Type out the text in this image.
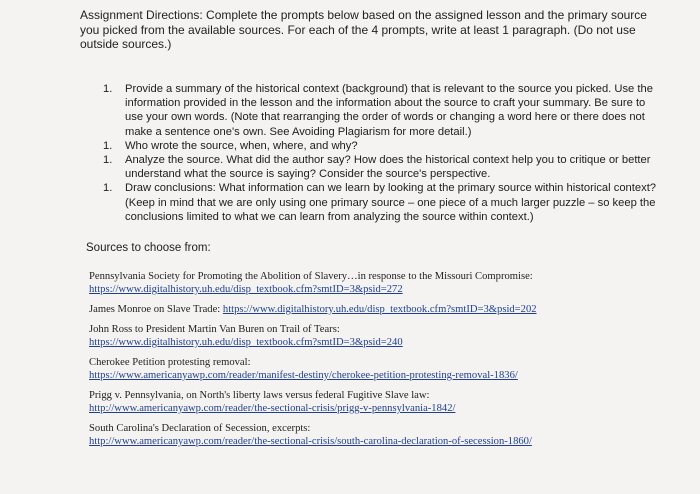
Assignment Directions: Complete the prompts below based on the assigned lesson and the primary source you picked from the available sources. For each of the 4 prompts, write at least 1 paragraph. (Do not use outside sources.)
1.	Provide a summary of the historical context (background) that is relevant to the source you picked. Use the information provided in the lesson and the information about the source to craft your summary. Be sure to use your own words. (Note that rearranging the order of words or changing a word here or there does not make a sentence one's own. See Avoiding Plagiarism for more detail.)
1.	Who wrote the source, when, where, and why?
1.	Analyze the source. What did the author say? How does the historical context help you to critique or better understand what the source is saying? Consider the source's perspective.
1.	Draw conclusions: What information can we learn by looking at the primary source within historical context? (Keep in mind that we are only using one primary source – one piece of a much larger puzzle – so keep the conclusions limited to what we can learn from analyzing the source within context.)
Sources to choose from:
Pennsylvania Society for Promoting the Abolition of Slavery…in response to the Missouri Compromise:
https://www.digitalhistory.uh.edu/disp_textbook.cfm?smtID=3&psid=272
James Monroe on Slave Trade: https://www.digitalhistory.uh.edu/disp_textbook.cfm?smtID=3&psid=202
John Ross to President Martin Van Buren on Trail of Tears:
https://www.digitalhistory.uh.edu/disp_textbook.cfm?smtID=3&psid=240
Cherokee Petition protesting removal:
https://www.americanyawp.com/reader/manifest-destiny/cherokee-petition-protesting-removal-1836/
Prigg v. Pennsylvania, on North's liberty laws versus federal Fugitive Slave law:
http://www.americanyawp.com/reader/the-sectional-crisis/prigg-v-pennsylvania-1842/
South Carolina's Declaration of Secession, excerpts:
http://www.americanyawp.com/reader/the-sectional-crisis/south-carolina-declaration-of-secession-1860/
